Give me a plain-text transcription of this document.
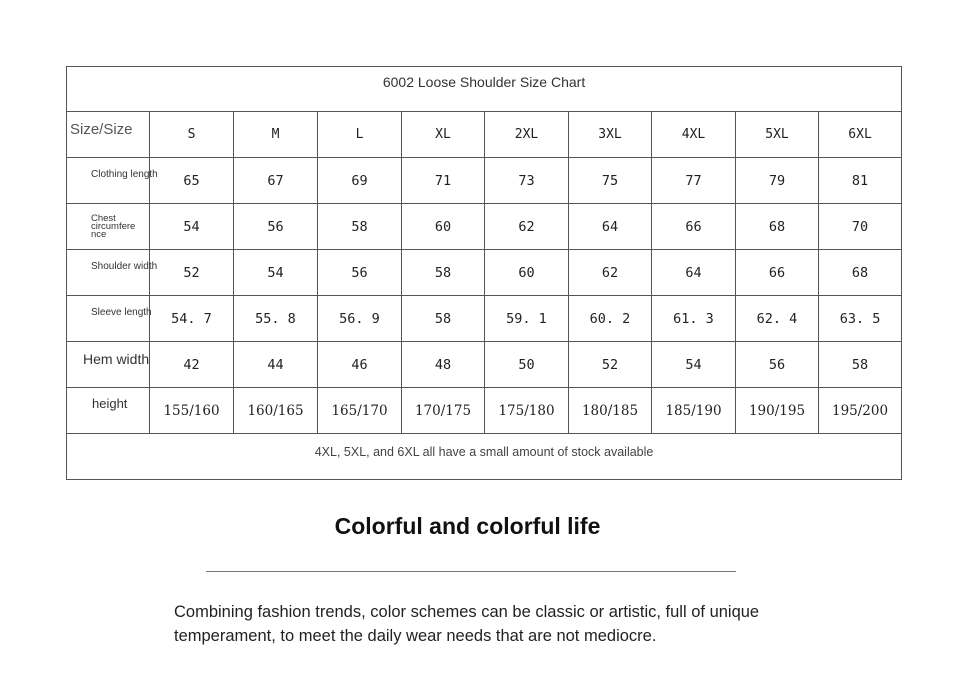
6002 Loose Shoulder Size Chart									
Size/Size	S	M	L	XL	2XL	3XL	4XL	5XL	6XL
Clothing length	65	67	69	71	73	75	77	79	81
Chest circumfere nce	54	56	58	60	62	64	66	68	70
Shoulder width	52	54	56	58	60	62	64	66	68
Sleeve length	54. 7	55. 8	56. 9	58	59. 1	60. 2	61. 3	62. 4	63. 5
Hem width	42	44	46	48	50	52	54	56	58
height	155/160	160/165	165/170	170/175	175/180	180/185	185/190	190/195	195/200
4XL, 5XL, and 6XL all have a small amount of stock available									
Colorful and colorful life

Combining fashion trends, color schemes can be classic or artistic, full of unique temperament, to meet the daily wear needs that are not mediocre.
